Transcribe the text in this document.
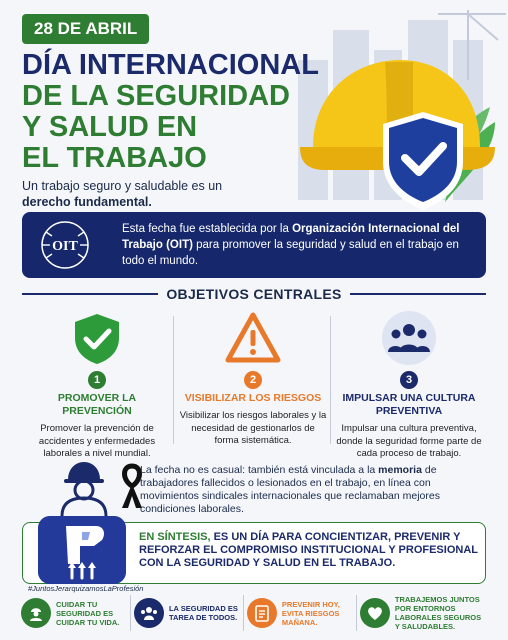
28 DE ABRIL
DÍA INTERNACIONAL
DE LA SEGURIDAD
Y SALUD EN
EL TRABAJO
Un trabajo seguro y saludable es un derecho fundamental.
OIT
Esta fecha fue establecida por la Organización Internacional del Trabajo (OIT) para promover la seguridad y salud en el trabajo en todo el mundo.
OBJETIVOS CENTRALES
1
PROMOVER LA PREVENCIÓN
Promover la prevención de accidentes y enfermedades laborales a nivel mundial.
2
VISIBILIZAR LOS RIESGOS
Visibilizar los riesgos laborales y la necesidad de gestionarlos de forma sistemática.
3
IMPULSAR UNA CULTURA PREVENTIVA
Impulsar una cultura preventiva, donde la seguridad forme parte de cada proceso de trabajo.
La fecha no es casual: también está vinculada a la memoria de trabajadores fallecidos o lesionados en el trabajo, en línea con movimientos sindicales internacionales que reclamaban mejores condiciones laborales.
EN SÍNTESIS, ES UN DÍA PARA CONCIENTIZAR, PREVENIR Y REFORZAR EL COMPROMISO INSTITUCIONAL Y PROFESIONAL CON LA SEGURIDAD Y SALUD EN EL TRABAJO.
#JuntosJerarquizamosLaProfesión
CUIDAR TU SEGURIDAD ES CUIDAR TU VIDA.
LA SEGURIDAD ES TAREA DE TODOS.
PREVENIR HOY, EVITA RIESGOS MAÑANA.
TRABAJEMOS JUNTOS POR ENTORNOS LABORALES SEGUROS Y SALUDABLES.
